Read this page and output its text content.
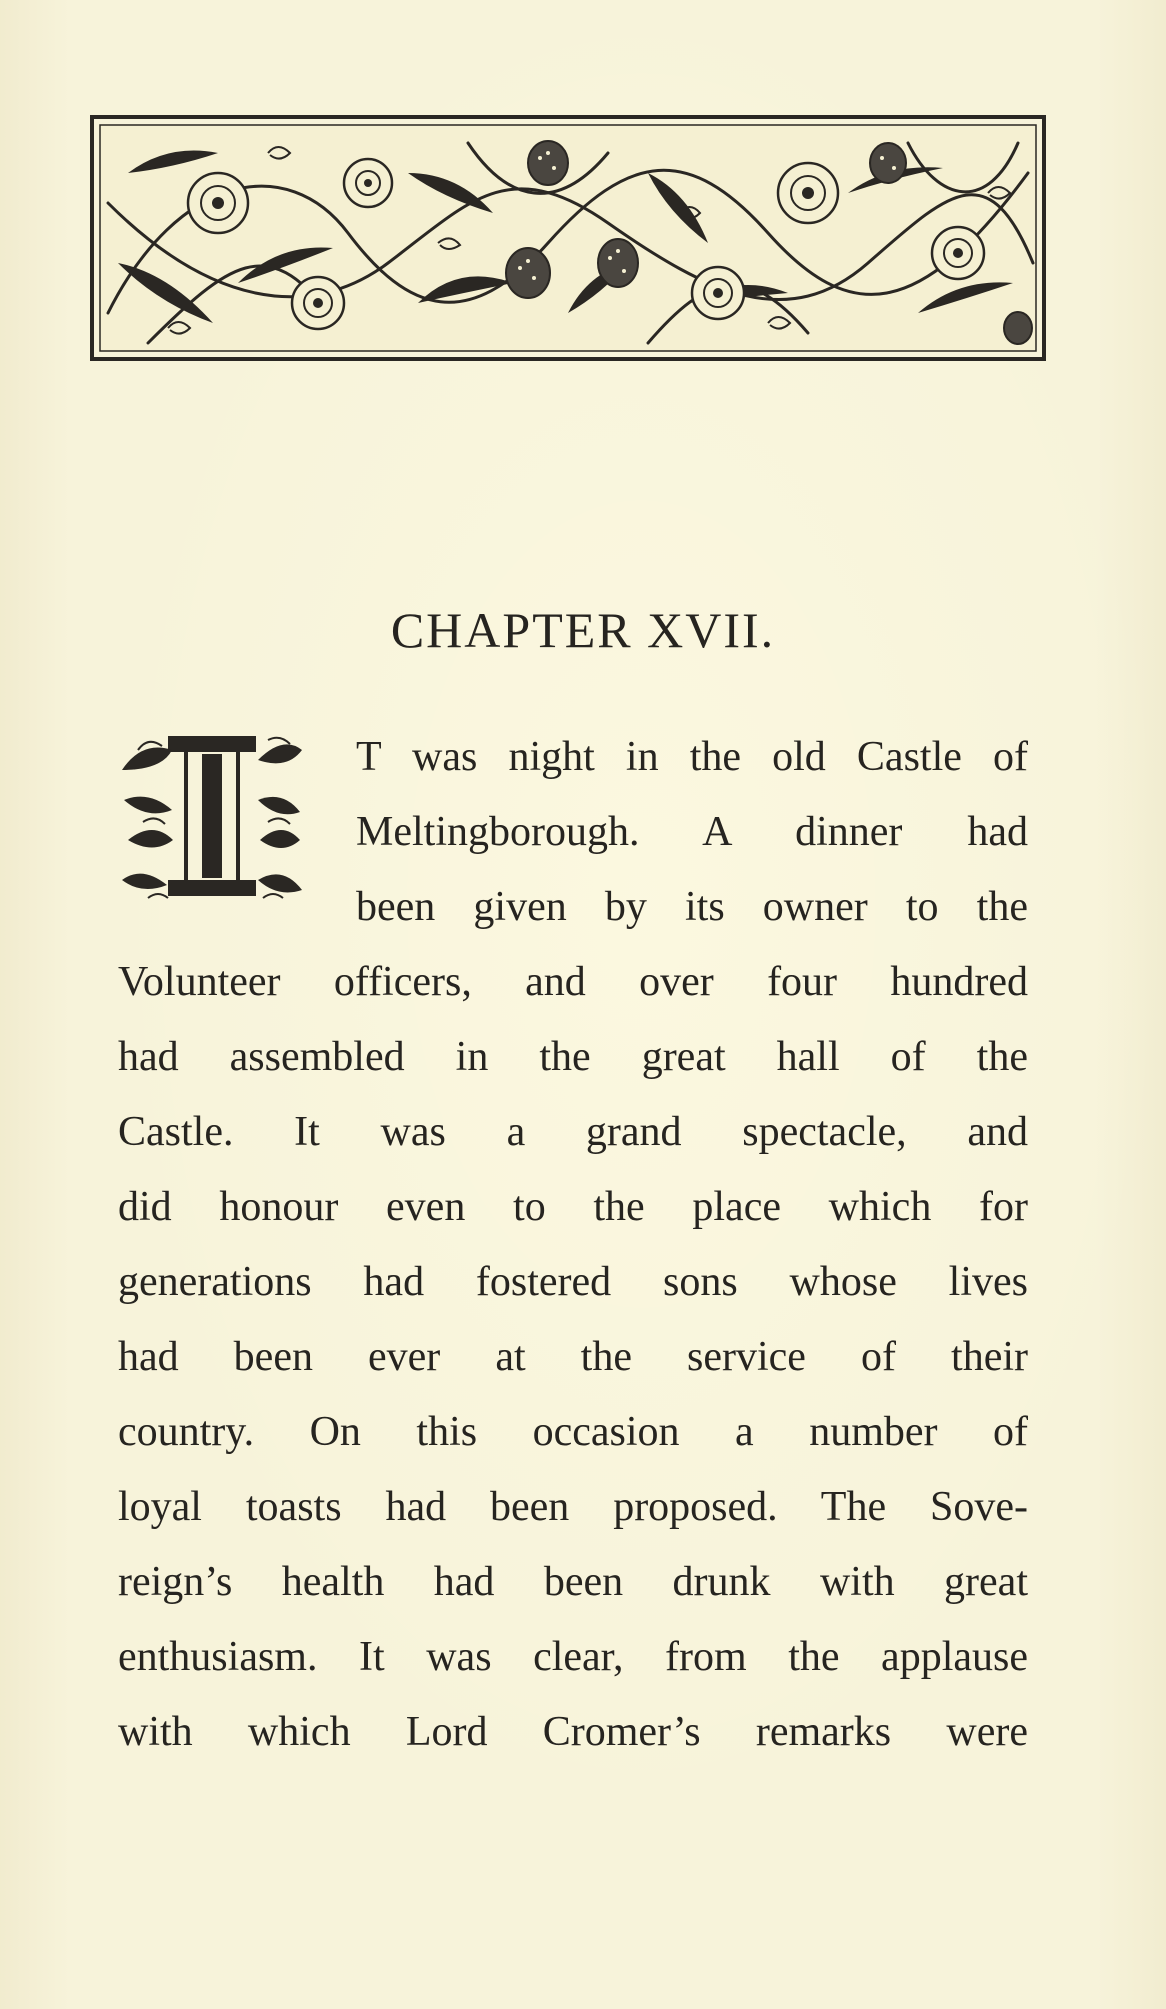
CHAPTER XVII.

T was night in the old Castle of

Meltingborough. A dinner had

been given by its owner to the

Volunteer officers, and over four hundred

had assembled in the great hall of the

Castle. It was a grand spectacle, and

did honour even to the place which for

generations had fostered sons whose lives

had been ever at the service of their

country. On this occasion a number of

loyal toasts had been proposed. The Sove-

reign’s health had been drunk with great

enthusiasm. It was clear, from the applause

with which Lord Cromer’s remarks were
